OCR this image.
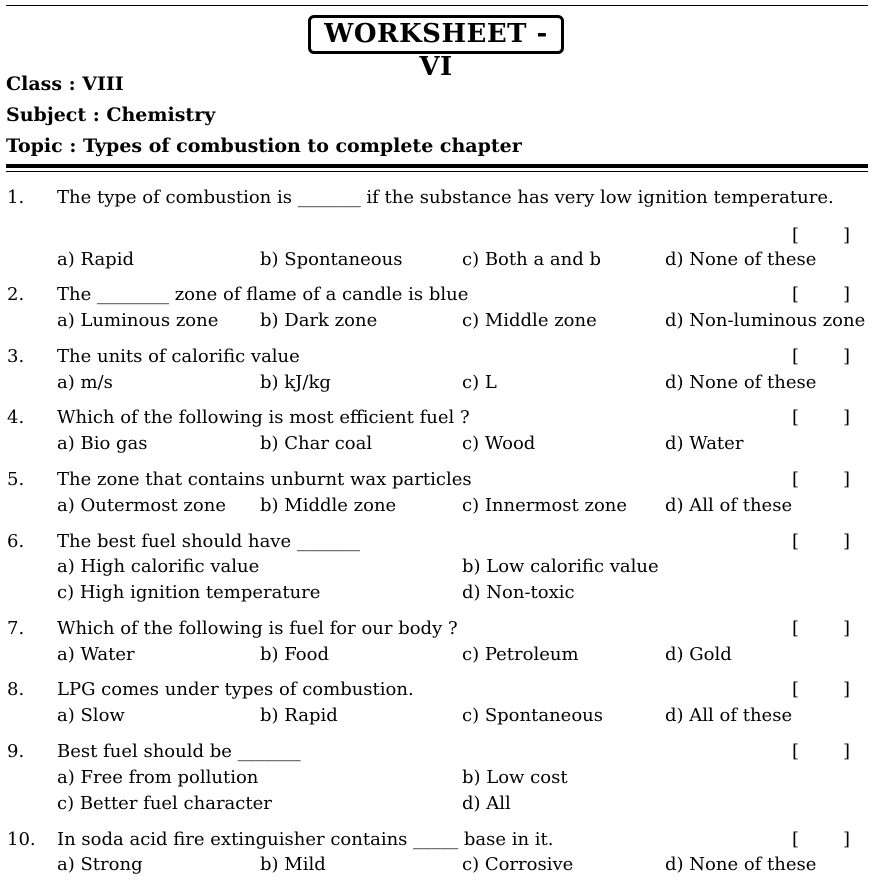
WORKSHEET - VI
Class : VIII
Subject : Chemistry
Topic : Types of combustion to complete chapter
1. The type of combustion is _______ if the substance has very low ignition temperature.
[ ]
a) Rapid	b) Spontaneous	c) Both a and b	d) None of these
2. The ________ zone of flame of a candle is blue	[ ]
a) Luminous zone b) Dark zone	c) Middle zone	d) Non-luminous zone
3. The units of calorific value	[ ]
a) m/s	b) kJ/kg	c) L	d) None of these
4. Which of the following is most efficient fuel ?	[ ]
a) Bio gas	b) Char coal	c) Wood	d) Water
5. The zone that contains unburnt wax particles	[ ]
a) Outermost zone b) Middle zone	c) Innermost zone d) All of these
6. The best fuel should have _______	[ ]
a) High calorific value	b) Low calorific value
c) High ignition temperature	d) Non-toxic
7. Which of the following is fuel for our body ?	[ ]
a) Water	b) Food	c) Petroleum	d) Gold
8. LPG comes under types of combustion.	[ ]
a) Slow	b) Rapid	c) Spontaneous	d) All of these
9. Best fuel should be _______	[ ]
a) Free from pollution	b) Low cost
c) Better fuel character	d) All
10. In soda acid fire extinguisher contains _____ base in it.	[ ]
a) Strong	b) Mild	c) Corrosive	d) None of these
